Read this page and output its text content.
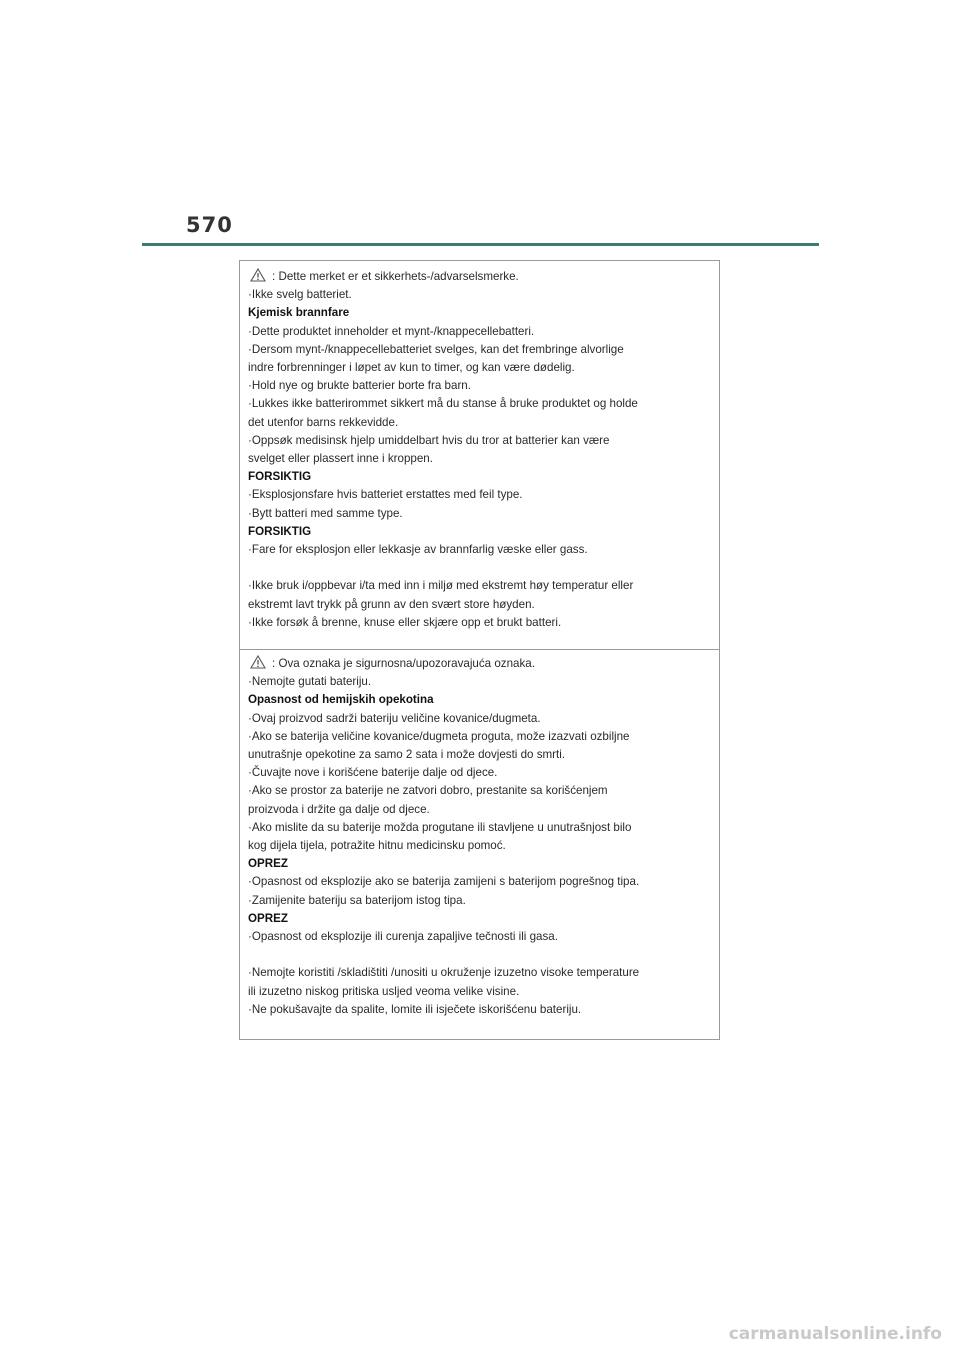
570
: Dette merket er et sikkerhets-/advarselsmerke.
·Ikke svelg batteriet.
Kjemisk brannfare
·Dette produktet inneholder et mynt-/knappecellebatteri.
·Dersom mynt-/knappecellebatteriet svelges, kan det frembringe alvorlige
indre forbrenninger i løpet av kun to timer, og kan være dødelig.
·Hold nye og brukte batterier borte fra barn.
·Lukkes ikke batterirommet sikkert må du stanse å bruke produktet og holde
det utenfor barns rekkevidde.
·Oppsøk medisinsk hjelp umiddelbart hvis du tror at batterier kan være
svelget eller plassert inne i kroppen.
FORSIKTIG
·Eksplosjonsfare hvis batteriet erstattes med feil type.
·Bytt batteri med samme type.
FORSIKTIG
·Fare for eksplosjon eller lekkasje av brannfarlig væske eller gass.
·Ikke bruk i/oppbevar i/ta med inn i miljø med ekstremt høy temperatur eller
ekstremt lavt trykk på grunn av den svært store høyden.
·Ikke forsøk å brenne, knuse eller skjære opp et brukt batteri.
: Ova oznaka je sigurnosna/upozoravajuća oznaka.
·Nemojte gutati bateriju.
Opasnost od hemijskih opekotina
·Ovaj proizvod sadrži bateriju veličine kovanice/dugmeta.
·Ako se baterija veličine kovanice/dugmeta proguta, može izazvati ozbiljne
unutrašnje opekotine za samo 2 sata i može dovjesti do smrti.
·Čuvajte nove i korišćene baterije dalje od djece.
·Ako se prostor za baterije ne zatvori dobro, prestanite sa korišćenjem
proizvoda i držite ga dalje od djece.
·Ako mislite da su baterije možda progutane ili stavljene u unutrašnjost bilo
kog dijela tijela, potražite hitnu medicinsku pomoć.
OPREZ
·Opasnost od eksplozije ako se baterija zamijeni s baterijom pogrešnog tipa.
·Zamijenite bateriju sa baterijom istog tipa.
OPREZ
·Opasnost od eksplozije ili curenja zapaljive tečnosti ili gasa.
·Nemojte koristiti /skladištiti /unositi u okruženje izuzetno visoke temperature
ili izuzetno niskog pritiska usljed veoma velike visine.
·Ne pokušavajte da spalite, lomite ili isječete iskorišćenu bateriju.
carmanualsonline.info
